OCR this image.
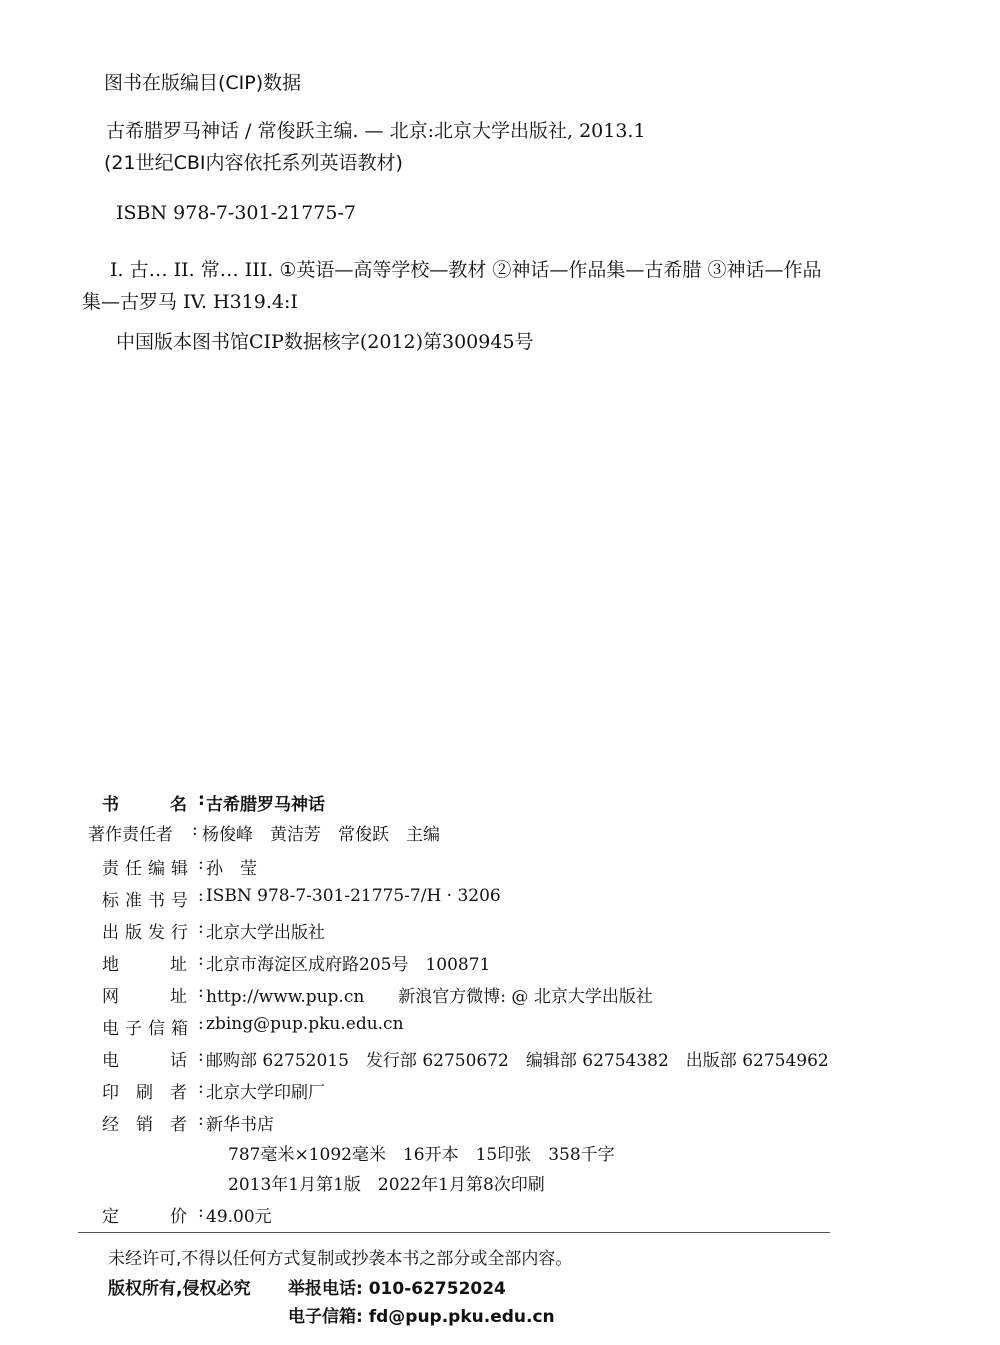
图书在版编目(CIP)数据
古希腊罗马神话 / 常俊跃主编. — 北京:北京大学出版社, 2013.1
(21世纪CBI内容依托系列英语教材)
ISBN 978-7-301-21775-7
I. 古… II. 常… III. ①英语—高等学校—教材 ②神话—作品集—古希腊 ③神话—作品
集—古罗马 IV. H319.4:I
中国版本图书馆CIP数据核字(2012)第300945号
书　　　名 : 古希腊罗马神话
著作责任者	: 杨俊峰　黄洁芳　常俊跃　主编
责任编辑 : 孙　莹
标准书号 : ISBN 978-7-301-21775-7/H · 3206
出版发行 : 北京大学出版社
地　　　址 : 北京市海淀区成府路205号　100871
网　　　址 : http://www.pup.cn　　新浪官方微博: @ 北京大学出版社
电子信箱 : zbing@pup.pku.edu.cn
电　　　话 : 邮购部 62752015　发行部 62750672　编辑部 62754382　出版部 62754962
印　刷　者 : 北京大学印刷厂
经　销　者 : 新华书店
787毫米×1092毫米　16开本　15印张　358千字
2013年1月第1版　2022年1月第8次印刷
定　　　价 : 49.00元
未经许可,不得以任何方式复制或抄袭本书之部分或全部内容。
版权所有,侵权必究 举报电话: 010-62752024
电子信箱: fd@pup.pku.edu.cn
